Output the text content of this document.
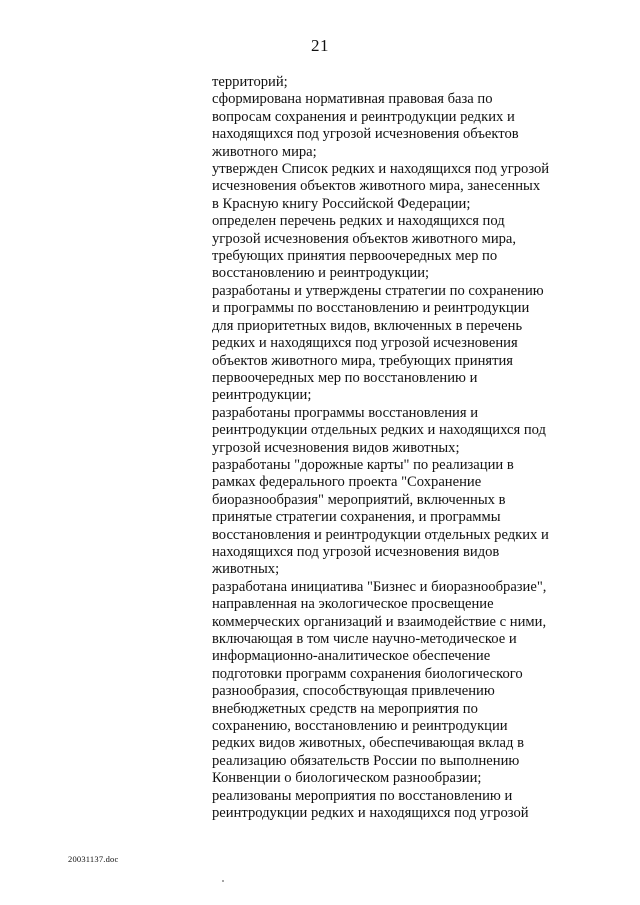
21
территорий;
сформирована нормативная правовая база по
вопросам сохранения и реинтродукции редких и
находящихся под угрозой исчезновения объектов
животного мира;
утвержден Список редких и находящихся под угрозой
исчезновения объектов животного мира, занесенных
в Красную книгу Российской Федерации;
определен перечень редких и находящихся под
угрозой исчезновения объектов животного мира,
требующих принятия первоочередных мер по
восстановлению и реинтродукции;
разработаны и утверждены стратегии по сохранению
и программы по восстановлению и реинтродукции
для приоритетных видов, включенных в перечень
редких и находящихся под угрозой исчезновения
объектов животного мира, требующих принятия
первоочередных мер по восстановлению и
реинтродукции;
разработаны программы восстановления и
реинтродукции отдельных редких и находящихся под
угрозой исчезновения видов животных;
разработаны "дорожные карты" по реализации в
рамках федерального проекта "Сохранение
биоразнообразия" мероприятий, включенных в
принятые стратегии сохранения, и программы
восстановления и реинтродукции отдельных редких и
находящихся под угрозой исчезновения видов
животных;
разработана инициатива "Бизнес и биоразнообразие",
направленная на экологическое просвещение
коммерческих организаций и взаимодействие с ними,
включающая в том числе научно-методическое и
информационно-аналитическое обеспечение
подготовки программ сохранения биологического
разнообразия, способствующая привлечению
внебюджетных средств на мероприятия по
сохранению, восстановлению и реинтродукции
редких видов животных, обеспечивающая вклад в
реализацию обязательств России по выполнению
Конвенции о биологическом разнообразии;
реализованы мероприятия по восстановлению и
реинтродукции редких и находящихся под угрозой
20031137.doc
